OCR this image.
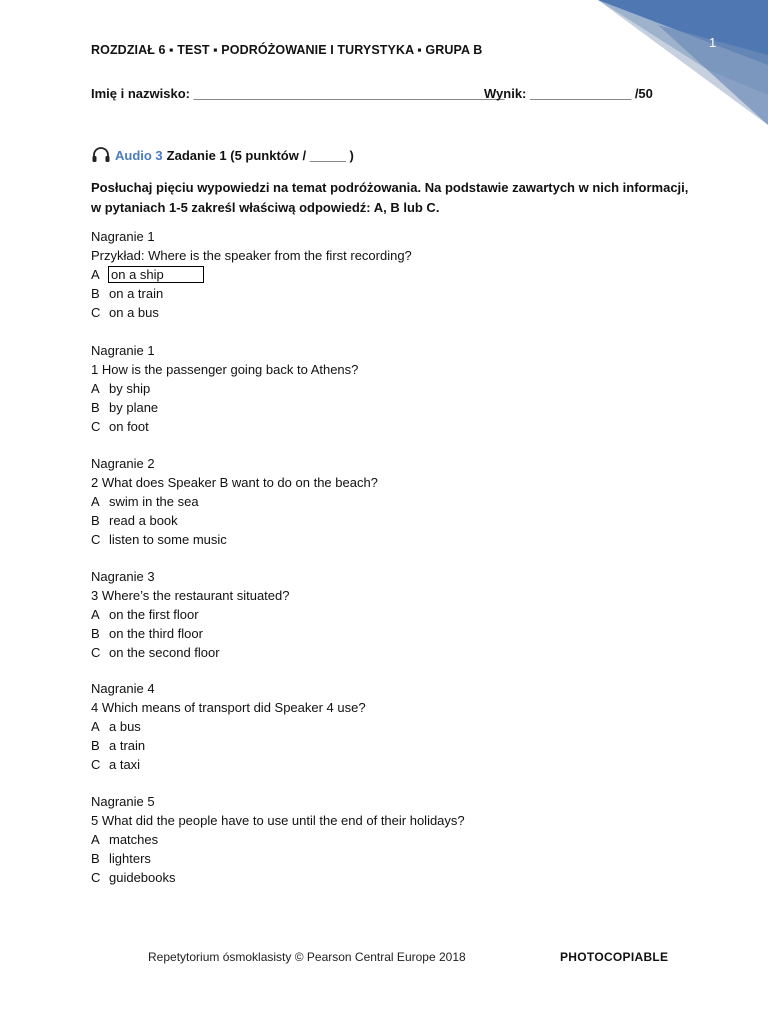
1
ROZDZIAŁ 6 ▪ TEST ▪ PODRÓŻOWANIE I TURYSTYKA ▪ GRUPA B
Imię i nazwisko: ___________________________________________
Wynik: ______________ /50
Audio 3 Zadanie 1 (5 punktów / _____ )
Posłuchaj pięciu wypowiedzi na temat podróżowania. Na podstawie zawartych w nich informacji, w pytaniach 1-5 zakreśl właściwą odpowiedź: A, B lub C.
Nagranie 1
Przykład: Where is the speaker from the first recording?
A on a ship
B on a train
C on a bus
Nagranie 1
1 How is the passenger going back to Athens?
A by ship
B by plane
C on foot
Nagranie 2
2 What does Speaker B want to do on the beach?
A swim in the sea
B read a book
C listen to some music
Nagranie 3
3 Where’s the restaurant situated?
A on the first floor
B on the third floor
C on the second floor
Nagranie 4
4 Which means of transport did Speaker 4 use?
A a bus
B a train
C a taxi
Nagranie 5
5 What did the people have to use until the end of their holidays?
A matches
B lighters
C guidebooks
Repetytorium ósmoklasisty © Pearson Central Europe 2018	PHOTOCOPIABLE
